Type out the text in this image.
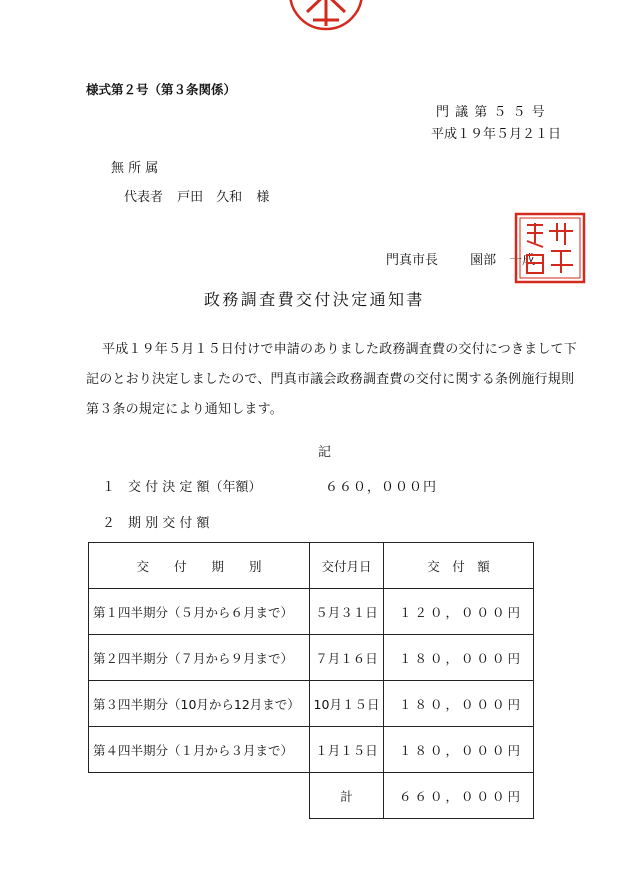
様式第２号（第３条関係）
門 議 第 ５ ５ 号
平成１９年５月２１日
無 所 属
代表者 戸田　久和 様
門真市長 園部　一成
政務調査費交付決定通知書
平成１９年５月１５日付けで申請のありました政務調査費の交付につきまして下
記のとおり決定しましたので、門真市議会政務調査費の交付に関する条例施行規則
第３条の規定により通知します。
記
１　交 付 決 定 額（年額）	６６０，０００円
２　期 別 交 付 額
交　　付　　期　　別	交付月日	交　付　額
第１四半期分（５月から６月まで）	５月３１日	１２０，０００円
第２四半期分（７月から９月まで）	７月１６日	１８０，０００円
第３四半期分（10月から12月まで）	10月１５日	１８０，０００円
第４四半期分（１月から３月まで）	１月１５日	１８０，０００円
	計	６６０，０００円
